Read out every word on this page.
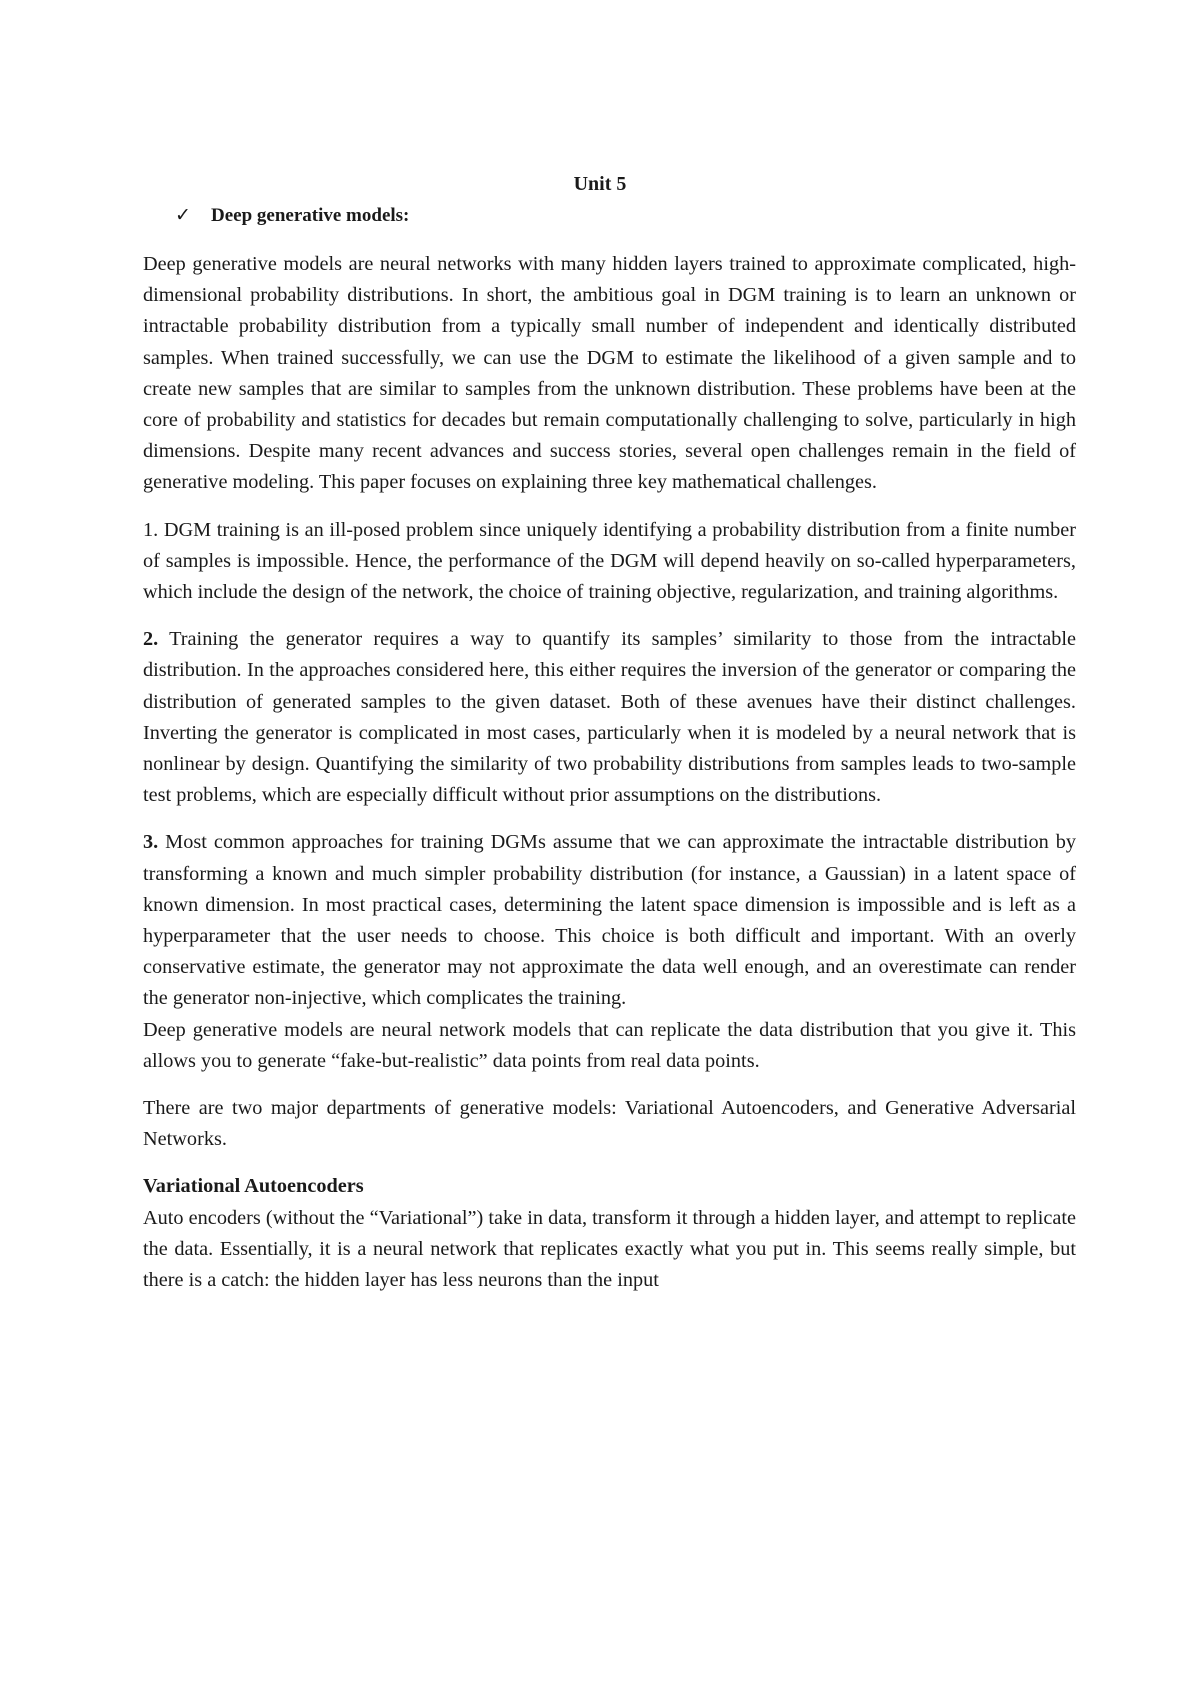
Unit 5
✓ Deep generative models:

Deep generative models are neural networks with many hidden layers trained to approximate complicated, high-dimensional probability distributions. In short, the ambitious goal in DGM training is to learn an unknown or intractable probability distribution from a typically small number of independent and identically distributed samples. When trained successfully, we can use the DGM to estimate the likelihood of a given sample and to create new samples that are similar to samples from the unknown distribution. These problems have been at the core of probability and statistics for decades but remain computationally challenging to solve, particularly in high dimensions. Despite many recent advances and success stories, several open challenges remain in the field of generative modeling. This paper focuses on explaining three key mathematical challenges.

1. DGM training is an ill-posed problem since uniquely identifying a probability distribution from a finite number of samples is impossible. Hence, the performance of the DGM will depend heavily on so-called hyperparameters, which include the design of the network, the choice of training objective, regularization, and training algorithms.

2. Training the generator requires a way to quantify its samples’ similarity to those from the intractable distribution. In the approaches considered here, this either requires the inversion of the generator or comparing the distribution of generated samples to the given dataset. Both of these avenues have their distinct challenges. Inverting the generator is complicated in most cases, particularly when it is modeled by a neural network that is nonlinear by design. Quantifying the similarity of two probability distributions from samples leads to two-sample test problems, which are especially difficult without prior assumptions on the distributions.

3. Most common approaches for training DGMs assume that we can approximate the intractable distribution by transforming a known and much simpler probability distribution (for instance, a Gaussian) in a latent space of known dimension. In most practical cases, determining the latent space dimension is impossible and is left as a hyperparameter that the user needs to choose. This choice is both difficult and important. With an overly conservative estimate, the generator may not approximate the data well enough, and an overestimate can render the generator non-injective, which complicates the training.

Deep generative models are neural network models that can replicate the data distribution that you give it. This allows you to generate “fake-but-realistic” data points from real data points.

There are two major departments of generative models: Variational Autoencoders, and Generative Adversarial Networks.

Variational Autoencoders

Auto encoders (without the “Variational”) take in data, transform it through a hidden layer, and attempt to replicate the data. Essentially, it is a neural network that replicates exactly what you put in. This seems really simple, but there is a catch: the hidden layer has less neurons than the input
